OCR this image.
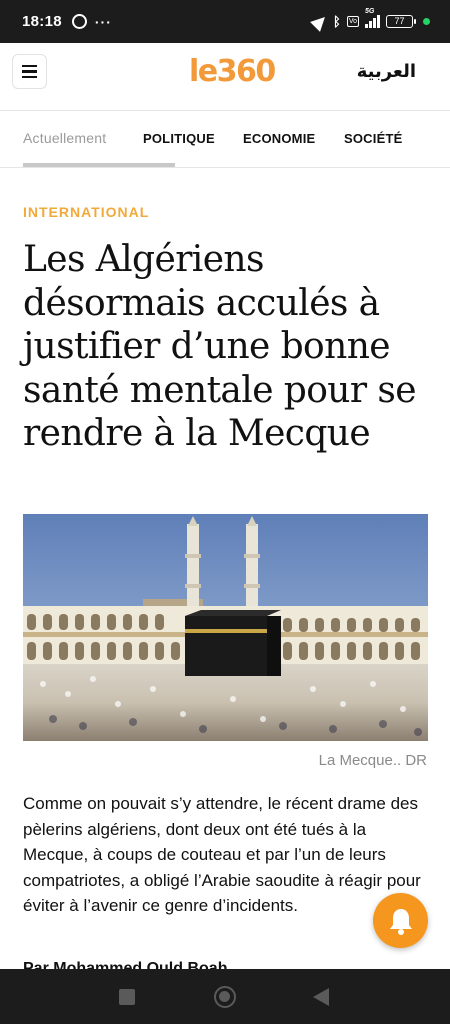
18:18 ···	ᛒ Vo
5G
77
le360	العربية
Actuellement	POLITIQUE ECONOMIE SOCIÉTÉ
INTERNATIONAL
Les Algériens désormais acculés à justifier d’une bonne santé mentale pour se rendre à la Mecque
La Mecque.. DR

Comme on pouvait s’y attendre, le récent drame des pèlerins algériens, dont deux ont été tués à la Mecque, à coups de couteau et par l’un de leurs compatriotes, a obligé l’Arabie saoudite à réagir pour éviter à l’avenir ce genre d’incidents.
